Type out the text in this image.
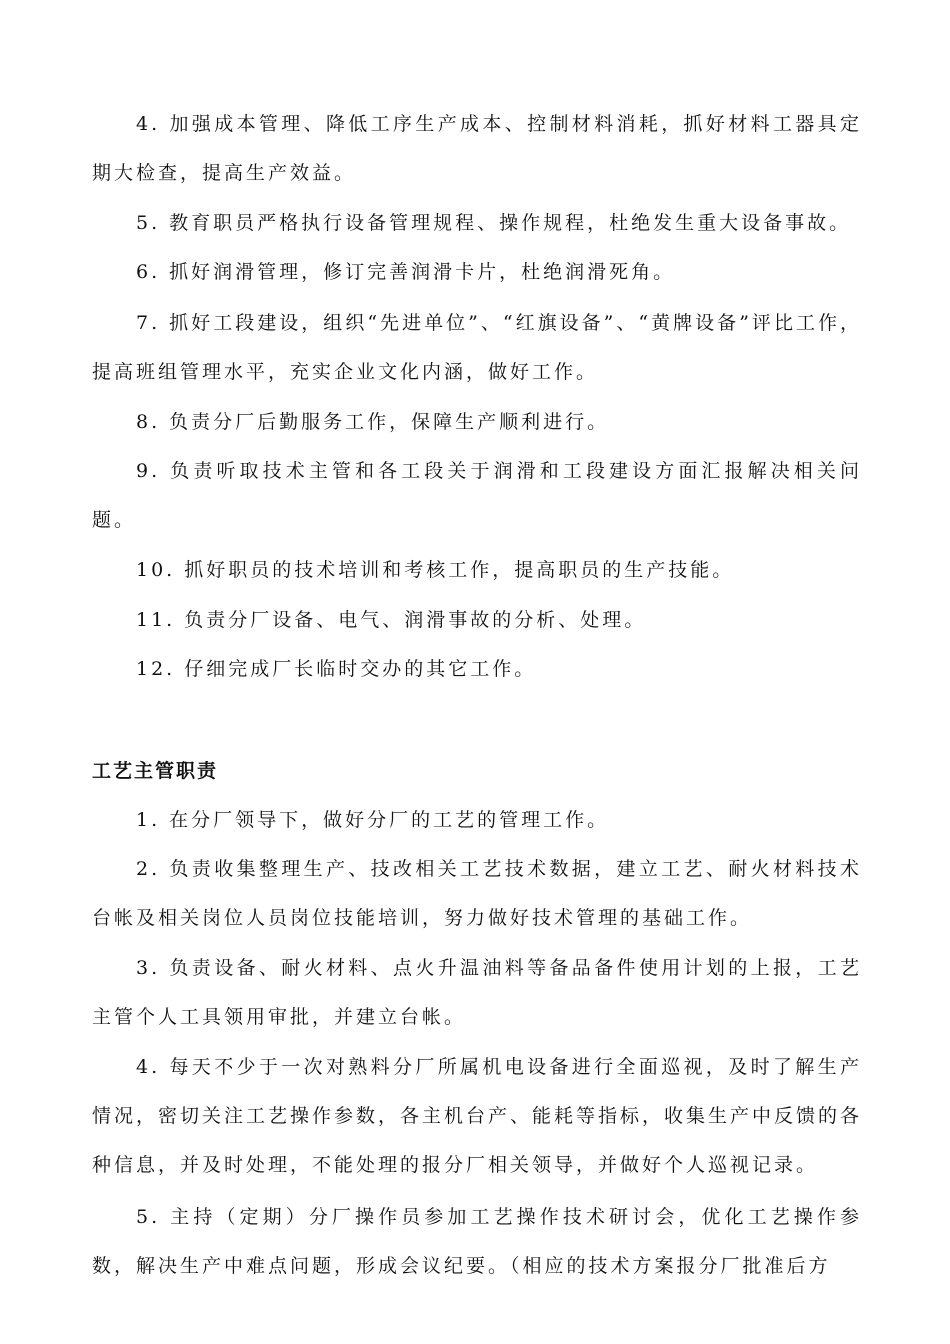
4. 加强成本管理、降低工序生产成本、控制材料消耗，抓好材料工器具定期大检查，提高生产效益。

5. 教育职员严格执行设备管理规程、操作规程，杜绝发生重大设备事故。

6. 抓好润滑管理，修订完善润滑卡片，杜绝润滑死角。

7. 抓好工段建设，组织“先进单位”、“红旗设备”、“黄牌设备”评比工作，提高班组管理水平，充实企业文化内涵，做好工作。

8. 负责分厂后勤服务工作，保障生产顺利进行。

9. 负责听取技术主管和各工段关于润滑和工段建设方面汇报解决相关问题。

10. 抓好职员的技术培训和考核工作，提高职员的生产技能。

11. 负责分厂设备、电气、润滑事故的分析、处理。

12. 仔细完成厂长临时交办的其它工作。

工艺主管职责

1. 在分厂领导下，做好分厂的工艺的管理工作。

2. 负责收集整理生产、技改相关工艺技术数据，建立工艺、耐火材料技术台帐及相关岗位人员岗位技能培训，努力做好技术管理的基础工作。

3. 负责设备、耐火材料、点火升温油料等备品备件使用计划的上报，工艺主管个人工具领用审批，并建立台帐。

4. 每天不少于一次对熟料分厂所属机电设备进行全面巡视，及时了解生产情况，密切关注工艺操作参数，各主机台产、能耗等指标，收集生产中反馈的各种信息，并及时处理，不能处理的报分厂相关领导，并做好个人巡视记录。

5. 主持（定期）分厂操作员参加工艺操作技术研讨会，优化工艺操作参数，解决生产中难点问题，形成会议纪要。（相应的技术方案报分厂批准后方
